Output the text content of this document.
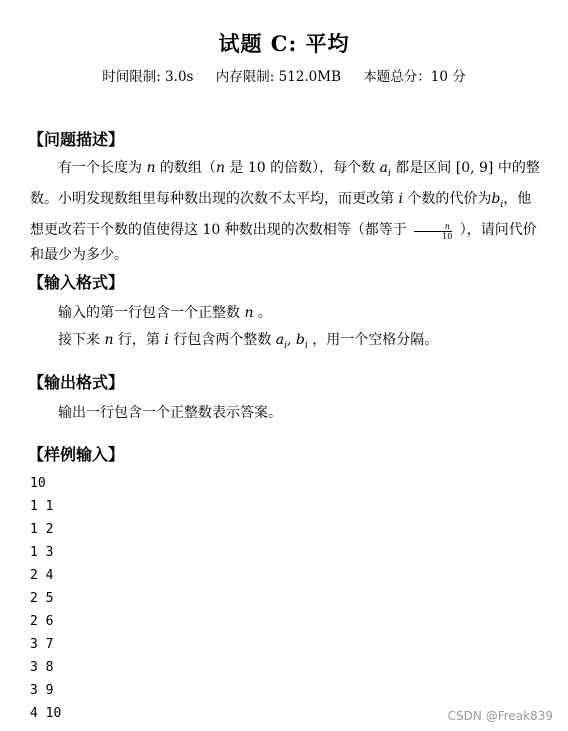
试题 C: 平均
时间限制: 3.0s 内存限制: 512.0MB 本题总分：10 分
【问题描述】
有一个长度为 n 的数组（n 是 10 的倍数），每个数 $a_i$ 都是区间 [0, 9] 中的整数。小明发现数组里每种数出现的次数不太平均，而更改第 i 个数的代价为$b_i$，他想更改若干个数的值使得这 10 种数出现的次数相等（都等于 $\frac{n}{10}$ ），请问代价和最少为多少。
【输入格式】
输入的第一行包含一个正整数 n 。
接下来 n 行，第 i 行包含两个整数 $a_i$, $b_i$ ，用一个空格分隔。
【输出格式】
输出一行包含一个正整数表示答案。
【样例输入】
10
1 1
1 2
1 3
2 4
2 5
2 6
3 7
3 8
3 9
4 10	CSDN @Freak839
